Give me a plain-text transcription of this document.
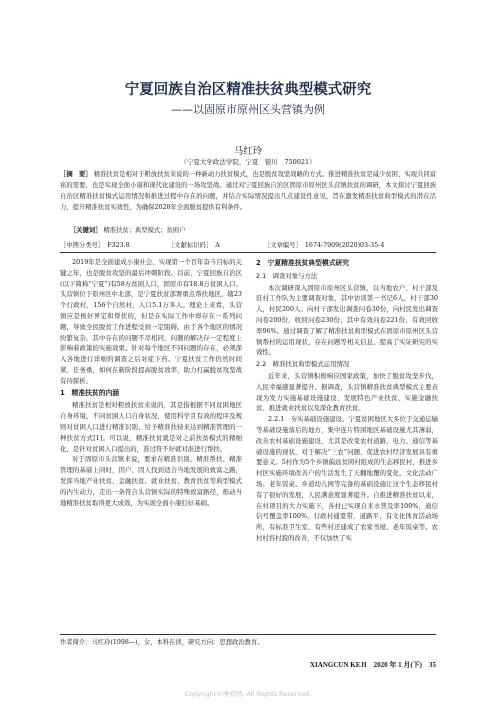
宁夏回族自治区精准扶贫典型模式研究
——以固原市原州区头营镇为例
马红玲
（宁夏大学政法学院，宁夏　银川　750021）
［摘　要］ 精准扶贫是相对于粗放扶贫来说的一种新动力扶贫模式，也是脱贫攻坚战略的方式。推进精准扶贫是减少贫困、实现共同富裕的需要，也是实现全面小康和现代化建设的一场攻坚战。通过对宁夏回族自治区固原市原州区头营镇扶贫的调研，本文探讨宁夏回族自治区精准扶贫模式运用情况和推进过程中存在的问题，并结合实际情况提出几点建设性意见，旨在激发精准扶贫典型模式的潜在活力，提升精准扶贫实效性，为确保2020年全面脱贫提供有利条件。
［关键词］ 精准扶贫；典型模式；贫困户
［中图分类号］　F323.8	［文献标识码］　A	［文章编号］　1674-7909(2020)03-35-4

2019年是全面建成小康社会、实现第一个百年奋斗目标的关键之年，也是脱贫攻坚的最后冲刺阶段。目前，宁夏回族自治区(以下简称“宁夏”)有58万贫困人口，固原市有18.8万贫困人口。头营镇位于原州区中北部，是宁夏扶贫部署重点帮扶地区，辖23个行政村，156个自然村，人口5.1万多人。理论上来看，头营镇应是极好界定和帮扶的，但是在实际工作中却存在一系列问题，导致全民脱贫工作进程受到一定阻碍。由于各个地区的情况纷繁复杂，其中存在的问题不尽相同，问题的解决存一定程度上影响着政策的实施效果。针对每个地区不同问题的存在，必须深入各地进行详细的调查之后对症下药。宁夏扶贫工作仍然时间紧、任务重，如何在新阶段提高脱贫效率，助力打赢脱贫攻坚战有待探析。

1　精准扶贫的内涵

精准扶贫是相对粗放扶贫来说的，其是指根据不同贫困地区自身环境、不同贫困人口自身状况，使用科学且有效的程序及规则对贫困人口进行精准识别、给予精准扶持来达到精准管理的一种扶贫方式[1]。可以说，精准扶贫就是对之前扶贫模式的精细化，是针对贫困人口提出的，准过符不好就对准进行帮扶。

对于固原市头营镇来说，要求在精准识别、精准帮扶、精准管理的基础上同时，因户、因人找到适合当地发展的致富之路，发挥当地产业扶贫、金融扶贫、就业扶贫、教育扶贫等典型模式的内生动力，走出一条符合头营镇实际的特殊致富路径，推动当地精准扶贫取得更大成效，为实现全面小康打好基础。

2　宁夏精准扶贫典型模式研究
2.1　调查对象与方法

本次调研深入固原市原州区头营镇，以当地农户、村干部及驻村工作队为主要调查对象，其中访谈第一书记6人，村干部30人，村民200人；向村干部发出调查问卷30份，向村民发出调查问卷200份，收回问卷230份，其中有效问卷221份，有效回收率96%。通过调查了解了精准扶贫典型模式在固原市原州区头营镇帮村的运用现状，存在问题等相关信息，提高了实证研究的实效性。

2.2　精准扶贫典型模式运用情况

近年来，头营镇积极响应国家政策，加快了脱贫攻坚步伐，人民幸福感显著提升。据调查，头营镇精准扶贫典型模式主要表现为发力实施基础设施建设、发展特色产业扶贫、实施金融扶贫、推进就业扶贫以及深化教育扶贫。

2.2.1　夯实基础设施建设。宁夏贫困地区大多位于交通运输等基础设施落后的地方，集中连片特困地区基础设施尤其薄弱，改善农村基础设施建设，尤其是改变农村道路、电力、通信等基础设施的现状，对于解决“三农”问题、促进农村经济发展具有重要意义。5村作为5个乡镇偏远贫困村组成的生态移民村，推进乡村区实施环境改善户的生活发生了天翻地覆的变化，文化活动广场、老年饭桌、乡道幼儿园等完备的基础设施让这个生态移民村有了很好的发展，人民满意度显著提升。自推进精准扶贫以来，在村项目的大力实施下，各村已实现自来水普及率100%，通信信号覆盖率100%，行政村通宽带，道路平，有文化体育活动场所，有标准卫生室，有些村还建成了农家书屋、老年饭桌等。农村村容村貌的改善，不仅加快了实

作者简介：马红玲(1998—)，女，本科在读，研究方向：思想政治教育。
XIANGCUN KEJI　2020 年 1 月(下)　35
Copyright©博看网. All Rights Reserved.
